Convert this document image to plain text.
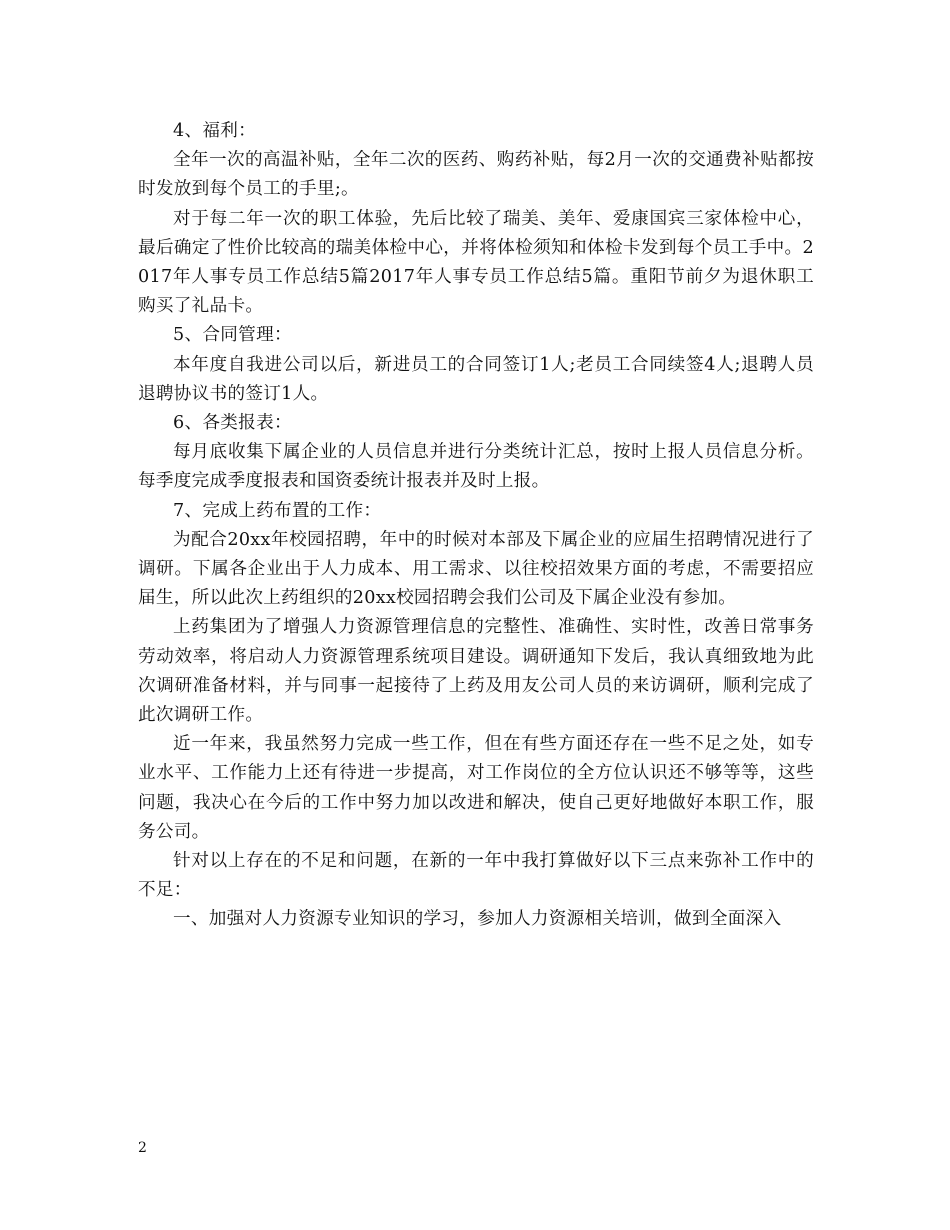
4、福利：

全年一次的高温补贴，全年二次的医药、购药补贴，每2月一次的交通费补贴都按时发放到每个员工的手里;。

对于每二年一次的职工体验，先后比较了瑞美、美年、爱康国宾三家体检中心，最后确定了性价比较高的瑞美体检中心，并将体检须知和体检卡发到每个员工手中。2017年人事专员工作总结5篇2017年人事专员工作总结5篇。重阳节前夕为退休职工购买了礼品卡。

5、合同管理：

本年度自我进公司以后，新进员工的合同签订1人;老员工合同续签4人;退聘人员退聘协议书的签订1人。

6、各类报表：

每月底收集下属企业的人员信息并进行分类统计汇总，按时上报人员信息分析。每季度完成季度报表和国资委统计报表并及时上报。

7、完成上药布置的工作：

为配合20xx年校园招聘，年中的时候对本部及下属企业的应届生招聘情况进行了调研。下属各企业出于人力成本、用工需求、以往校招效果方面的考虑，不需要招应届生，所以此次上药组织的20xx校园招聘会我们公司及下属企业没有参加。

上药集团为了增强人力资源管理信息的完整性、准确性、实时性，改善日常事务劳动效率，将启动人力资源管理系统项目建设。调研通知下发后，我认真细致地为此次调研准备材料，并与同事一起接待了上药及用友公司人员的来访调研，顺利完成了此次调研工作。

近一年来，我虽然努力完成一些工作，但在有些方面还存在一些不足之处，如专业水平、工作能力上还有待进一步提高，对工作岗位的全方位认识还不够等等，这些问题，我决心在今后的工作中努力加以改进和解决，使自己更好地做好本职工作，服务公司。

针对以上存在的不足和问题，在新的一年中我打算做好以下三点来弥补工作中的不足：

一、加强对人力资源专业知识的学习，参加人力资源相关培训，做到全面深入

2
